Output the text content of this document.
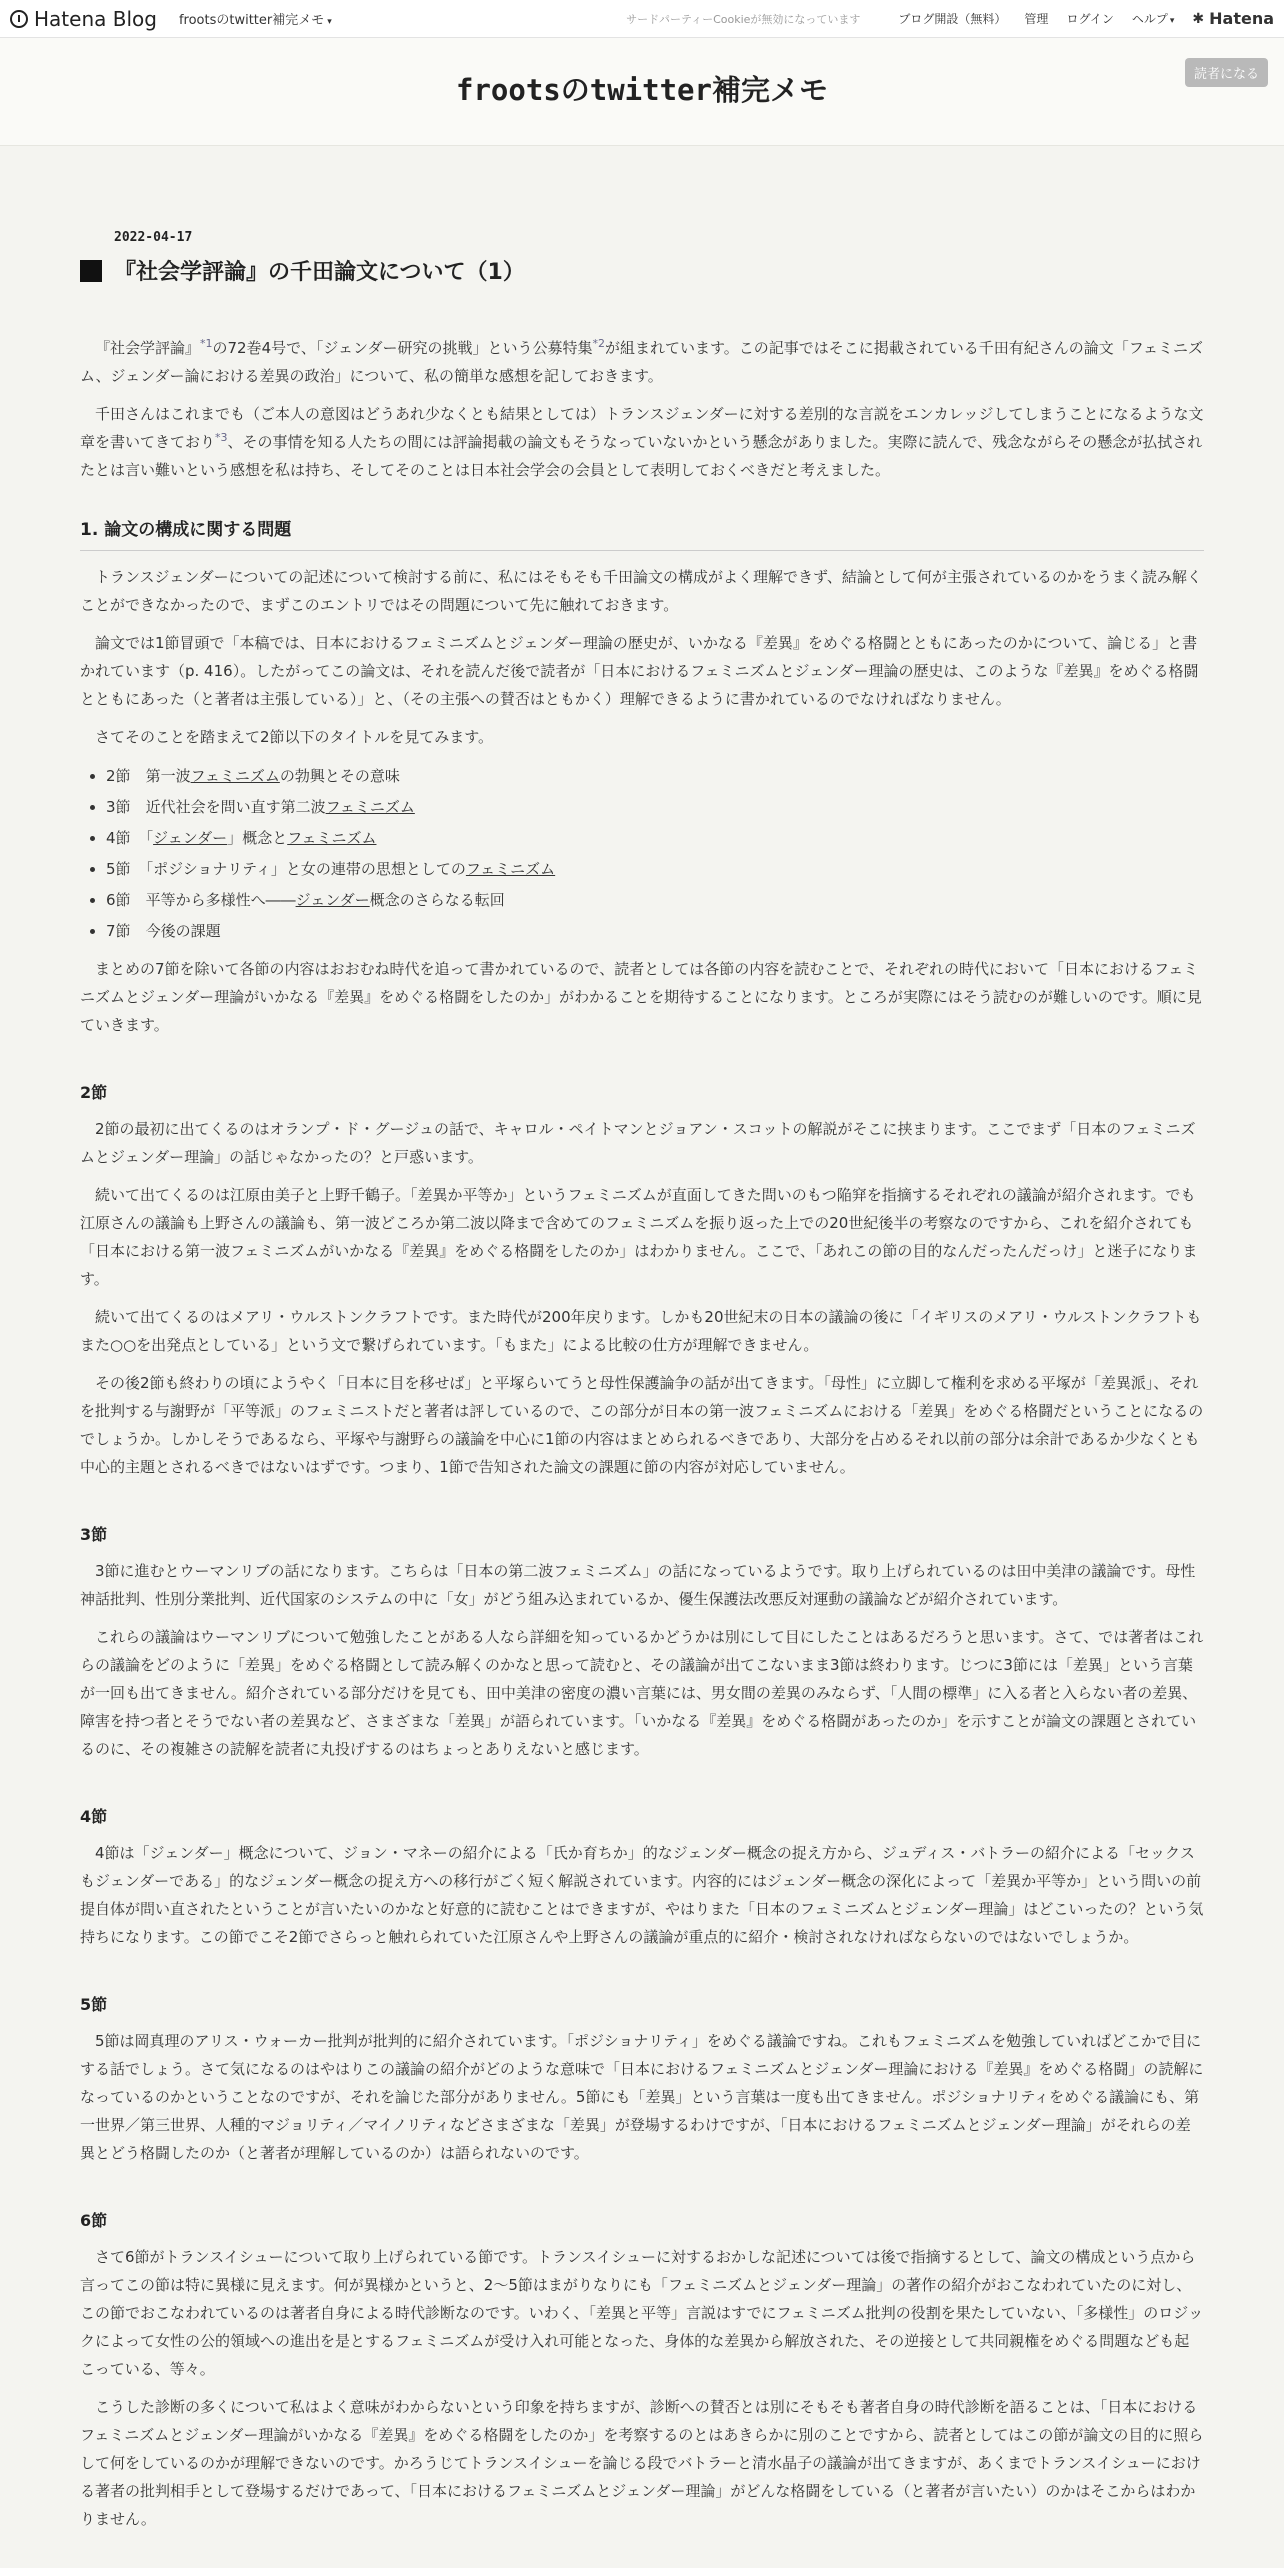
Hatena Blog frootsのtwitter補完メモ ▾	サードパーティーCookieが無効になっています	ブログ開設（無料） 管理 ログイン ヘルプ ▾ ✱ Hatena
frootsのtwitter補完メモ	読者になる
2022-04-17
『社会学評論』の千田論文について（1）

『社会学評論』$^{*1}$の72巻4号で、「ジェンダー研究の挑戦」という公募特集$^{*2}$が組まれています。この記事ではそこに掲載されている千田有紀さんの論文「フェミニズム、ジェンダー論における差異の政治」について、私の簡単な感想を記しておきます。

千田さんはこれまでも（ご本人の意図はどうあれ少なくとも結果としては）トランスジェンダーに対する差別的な言説をエンカレッジしてしまうことになるような文章を書いてきており$^{*3}$、その事情を知る人たちの間には評論掲載の論文もそうなっていないかという懸念がありました。実際に読んで、残念ながらその懸念が払拭されたとは言い難いという感想を私は持ち、そしてそのことは日本社会学会の会員として表明しておくべきだと考えました。

1. 論文の構成に関する問題

トランスジェンダーについての記述について検討する前に、私にはそもそも千田論文の構成がよく理解できず、結論として何が主張されているのかをうまく読み解くことができなかったので、まずこのエントリではその問題について先に触れておきます。

論文では1節冒頭で「本稿では、日本におけるフェミニズムとジェンダー理論の歴史が、いかなる『差異』をめぐる格闘とともにあったのかについて、論じる」と書かれています（p. 416）。したがってこの論文は、それを読んだ後で読者が「日本におけるフェミニズムとジェンダー理論の歴史は、このような『差異』をめぐる格闘とともにあった（と著者は主張している）」と、（その主張への賛否はともかく）理解できるように書かれているのでなければなりません。

さてそのことを踏まえて2節以下のタイトルを見てみます。

• 2節　 第一波フェミニズムの勃興とその意味
• 3節　 近代社会を問い直す第二波フェミニズム
• 4節　 「ジェンダー」概念とフェミニズム
• 5節　 「ポジショナリティ」と女の連帯の思想としてのフェミニズム
• 6節　 平等から多様性へ――ジェンダー概念のさらなる転回
• 7節　 今後の課題

まとめの7節を除いて各節の内容はおおむね時代を追って書かれているので、読者としては各節の内容を読むことで、それぞれの時代において「日本におけるフェミニズムとジェンダー理論がいかなる『差異』をめぐる格闘をしたのか」がわかることを期待することになります。ところが実際にはそう読むのが難しいのです。順に見ていきます。

2節

2節の最初に出てくるのはオランプ・ド・グージュの話で、キャロル・ペイトマンとジョアン・スコットの解説がそこに挟まります。ここでまず「日本のフェミニズムとジェンダー理論」の話じゃなかったの？と戸惑います。

続いて出てくるのは江原由美子と上野千鶴子。「差異か平等か」というフェミニズムが直面してきた問いのもつ陥穽を指摘するそれぞれの議論が紹介されます。でも江原さんの議論も上野さんの議論も、第一波どころか第二波以降まで含めてのフェミニズムを振り返った上での20世紀後半の考察なのですから、これを紹介されても「日本における第一波フェミニズムがいかなる『差異』をめぐる格闘をしたのか」はわかりません。ここで、「あれこの節の目的なんだったんだっけ」と迷子になります。

続いて出てくるのはメアリ・ウルストンクラフトです。また時代が200年戻ります。しかも20世紀末の日本の議論の後に「イギリスのメアリ・ウルストンクラフトもまた○○を出発点としている」という文で繋げられています。「もまた」による比較の仕方が理解できません。

その後2節も終わりの頃にようやく「日本に目を移せば」と平塚らいてうと母性保護論争の話が出てきます。「母性」に立脚して権利を求める平塚が「差異派」、それを批判する与謝野が「平等派」のフェミニストだと著者は評しているので、この部分が日本の第一波フェミニズムにおける「差異」をめぐる格闘だということになるのでしょうか。しかしそうであるなら、平塚や与謝野らの議論を中心に1節の内容はまとめられるべきであり、大部分を占めるそれ以前の部分は余計であるか少なくとも中心的主題とされるべきではないはずです。つまり、1節で告知された論文の課題に節の内容が対応していません。

3節

3節に進むとウーマンリブの話になります。こちらは「日本の第二波フェミニズム」の話になっているようです。取り上げられているのは田中美津の議論です。母性神話批判、性別分業批判、近代国家のシステムの中に「女」がどう組み込まれているか、優生保護法改悪反対運動の議論などが紹介されています。

これらの議論はウーマンリブについて勉強したことがある人なら詳細を知っているかどうかは別にして目にしたことはあるだろうと思います。さて、では著者はこれらの議論をどのように「差異」をめぐる格闘として読み解くのかなと思って読むと、その議論が出てこないまま3節は終わります。じつに3節には「差異」という言葉が一回も出てきません。紹介されている部分だけを見ても、田中美津の密度の濃い言葉には、男女間の差異のみならず、「人間の標準」に入る者と入らない者の差異、障害を持つ者とそうでない者の差異など、さまざまな「差異」が語られています。「いかなる『差異』をめぐる格闘があったのか」を示すことが論文の課題とされているのに、その複雑さの読解を読者に丸投げするのはちょっとありえないと感じます。

4節

4節は「ジェンダー」概念について、ジョン・マネーの紹介による「氏か育ちか」的なジェンダー概念の捉え方から、ジュディス・バトラーの紹介による「セックスもジェンダーである」的なジェンダー概念の捉え方への移行がごく短く解説されています。内容的にはジェンダー概念の深化によって「差異か平等か」という問いの前提自体が問い直されたということが言いたいのかなと好意的に読むことはできますが、やはりまた「日本のフェミニズムとジェンダー理論」はどこいったの？という気持ちになります。この節でこそ2節でさらっと触れられていた江原さんや上野さんの議論が重点的に紹介・検討されなければならないのではないでしょうか。

5節

5節は岡真理のアリス・ウォーカー批判が批判的に紹介されています。「ポジショナリティ」をめぐる議論ですね。これもフェミニズムを勉強していればどこかで目にする話でしょう。さて気になるのはやはりこの議論の紹介がどのような意味で「日本におけるフェミニズムとジェンダー理論における『差異』をめぐる格闘」の読解になっているのかということなのですが、それを論じた部分がありません。5節にも「差異」という言葉は一度も出てきません。ポジショナリティをめぐる議論にも、第一世界／第三世界、人種的マジョリティ／マイノリティなどさまざまな「差異」が登場するわけですが、「日本におけるフェミニズムとジェンダー理論」がそれらの差異とどう格闘したのか（と著者が理解しているのか）は語られないのです。

6節

さて6節がトランスイシューについて取り上げられている節です。トランスイシューに対するおかしな記述については後で指摘するとして、論文の構成という点から言ってこの節は特に異様に見えます。何が異様かというと、2～5節はまがりなりにも「フェミニズムとジェンダー理論」の著作の紹介がおこなわれていたのに対し、この節でおこなわれているのは著者自身による時代診断なのです。いわく、「差異と平等」言説はすでにフェミニズム批判の役割を果たしていない、「多様性」のロジックによって女性の公的領域への進出を是とするフェミニズムが受け入れ可能となった、身体的な差異から解放された、その逆接として共同親権をめぐる問題なども起こっている、等々。

こうした診断の多くについて私はよく意味がわからないという印象を持ちますが、診断への賛否とは別にそもそも著者自身の時代診断を語ることは、「日本におけるフェミニズムとジェンダー理論がいかなる『差異』をめぐる格闘をしたのか」を考察するのとはあきらかに別のことですから、読者としてはこの節が論文の目的に照らして何をしているのかが理解できないのです。かろうじてトランスイシューを論じる段でバトラーと清水晶子の議論が出てきますが、あくまでトランスイシューにおける著者の批判相手として登場するだけであって、「日本におけるフェミニズムとジェンダー理論」がどんな格闘をしている（と著者が言いたい）のかはそこからはわかりません。
